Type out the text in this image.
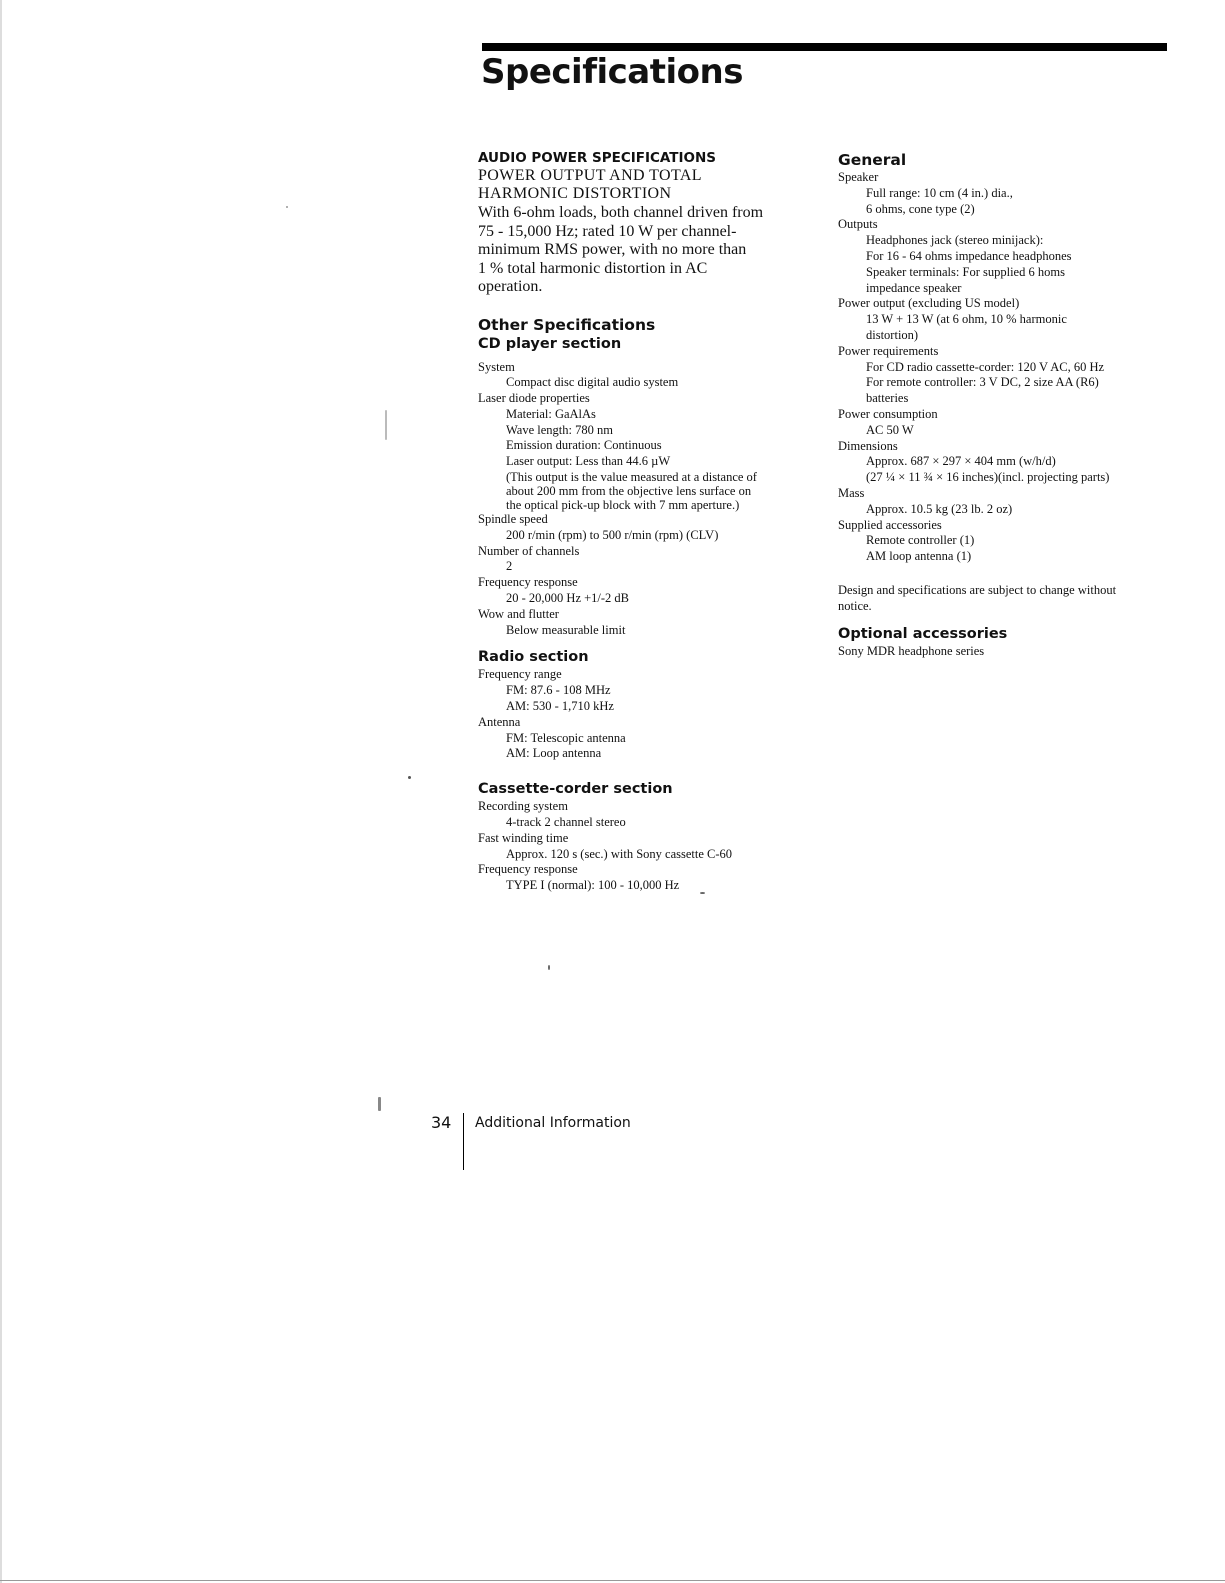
Specifications

AUDIO POWER SPECIFICATIONS

POWER OUTPUT AND TOTAL
HARMONIC DISTORTION
With 6-ohm loads, both channel driven from
75 - 15,000 Hz; rated 10 W per channel-
minimum RMS power, with no more than
1 % total harmonic distortion in AC
operation.

Other Specifications

CD player section

System

Compact disc digital audio system

Laser diode properties

Material: GaAlAs

Wave length: 780 nm

Emission duration: Continuous

Laser output: Less than 44.6 µW

(This output is the value measured at a distance of

about 200 mm from the objective lens surface on

the optical pick-up block with 7 mm aperture.)

Spindle speed

200 r/min (rpm) to 500 r/min (rpm) (CLV)

Number of channels

2

Frequency response

20 - 20,000 Hz +1/-2 dB

Wow and flutter

Below measurable limit

Radio section

Frequency range

FM: 87.6 - 108 MHz

AM: 530 - 1,710 kHz

Antenna

FM: Telescopic antenna

AM: Loop antenna

Cassette-corder section

Recording system

4-track 2 channel stereo

Fast winding time

Approx. 120 s (sec.) with Sony cassette C-60

Frequency response

TYPE I (normal): 100 - 10,000 Hz

General

Speaker

Full range: 10 cm (4 in.) dia.,

6 ohms, cone type (2)

Outputs

Headphones jack (stereo minijack):

For 16 - 64 ohms impedance headphones

Speaker terminals: For supplied 6 homs

impedance speaker

Power output (excluding US model)

13 W + 13 W (at 6 ohm, 10 % harmonic

distortion)

Power requirements

For CD radio cassette-corder: 120 V AC, 60 Hz

For remote controller: 3 V DC, 2 size AA (R6)

batteries

Power consumption

AC 50 W

Dimensions

Approx. 687 × 297 × 404 mm (w/h/d)

(27 ¼ × 11 ¾ × 16 inches)(incl. projecting parts)

Mass

Approx. 10.5 kg (23 lb. 2 oz)

Supplied accessories

Remote controller (1)

AM loop antenna (1)

Design and specifications are subject to change without

notice.

Optional accessories

Sony MDR headphone series

34 Additional Information
